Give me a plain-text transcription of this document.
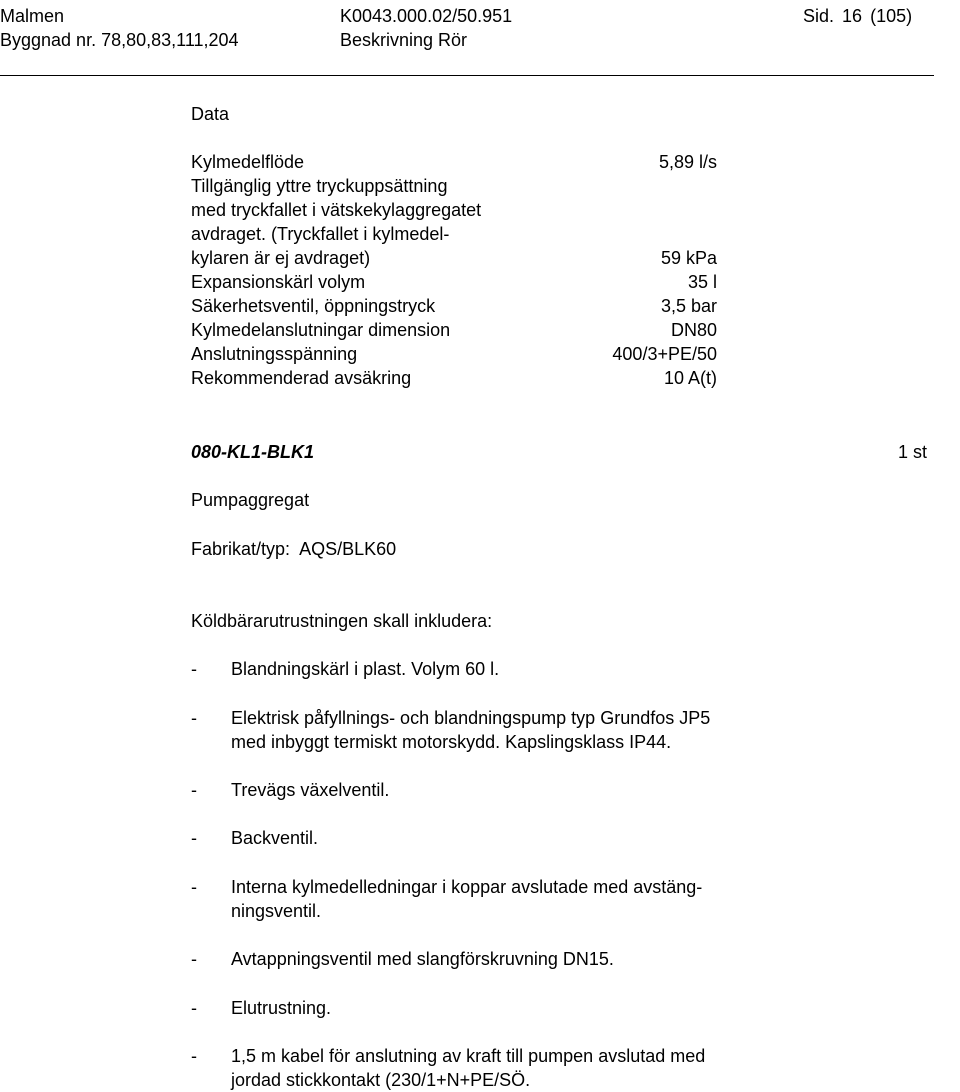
Malmen
Byggnad nr. 78,80,83,111,204
K0043.000.02/50.951
Beskrivning Rör
Sid. 16 (105)
Data
Kylmedelflöde
Tillgänglig yttre tryckuppsättning
med tryckfallet i vätskekylaggregatet
avdraget. (Tryckfallet i kylmedel-
kylaren är ej avdraget)
Expansionskärl volym
Säkerhetsventil, öppningstryck
Kylmedelanslutningar dimension
Anslutningsspänning
Rekommenderad avsäkring
5,89 l/s
59 kPa
35 l
3,5 bar
DN80
400/3+PE/50
10 A(t)
080-KL1-BLK1	1 st
Pumpaggregat
Fabrikat/typ: AQS/BLK60
Köldbärarutrustningen skall inkludera:
- Blandningskärl i plast. Volym 60 l.
- Elektrisk påfyllnings- och blandningspump typ Grundfos JP5
med inbyggt termiskt motorskydd. Kapslingsklass IP44.
- Trevägs växelventil.
- Backventil.
- Interna kylmedelledningar i koppar avslutade med avstäng-
ningsventil.
- Avtappningsventil med slangförskruvning DN15.
- Elutrustning.
- 1,5 m kabel för anslutning av kraft till pumpen avslutad med
jordad stickkontakt (230/1+N+PE/SÖ.
